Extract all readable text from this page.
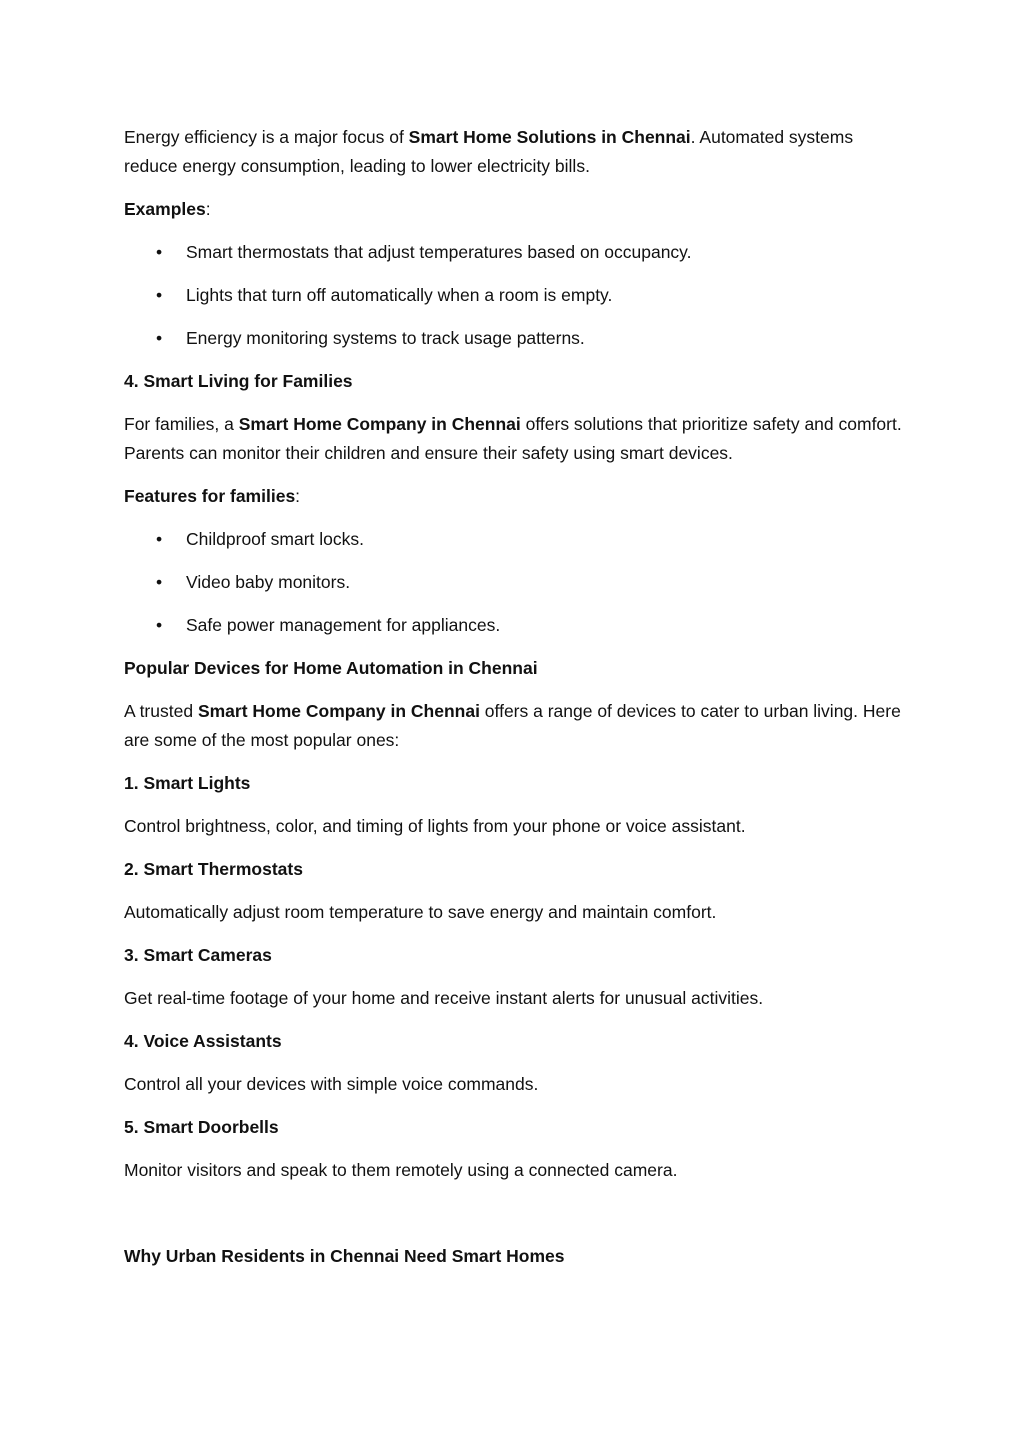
Energy efficiency is a major focus of Smart Home Solutions in Chennai. Automated systems reduce energy consumption, leading to lower electricity bills.

Examples:

• Smart thermostats that adjust temperatures based on occupancy.
• Lights that turn off automatically when a room is empty.
• Energy monitoring systems to track usage patterns.

4. Smart Living for Families

For families, a Smart Home Company in Chennai offers solutions that prioritize safety and comfort. Parents can monitor their children and ensure their safety using smart devices.

Features for families:

• Childproof smart locks.
• Video baby monitors.
• Safe power management for appliances.

Popular Devices for Home Automation in Chennai

A trusted Smart Home Company in Chennai offers a range of devices to cater to urban living. Here are some of the most popular ones:

1. Smart Lights

Control brightness, color, and timing of lights from your phone or voice assistant.

2. Smart Thermostats

Automatically adjust room temperature to save energy and maintain comfort.

3. Smart Cameras

Get real-time footage of your home and receive instant alerts for unusual activities.

4. Voice Assistants

Control all your devices with simple voice commands.

5. Smart Doorbells

Monitor visitors and speak to them remotely using a connected camera.

Why Urban Residents in Chennai Need Smart Homes
